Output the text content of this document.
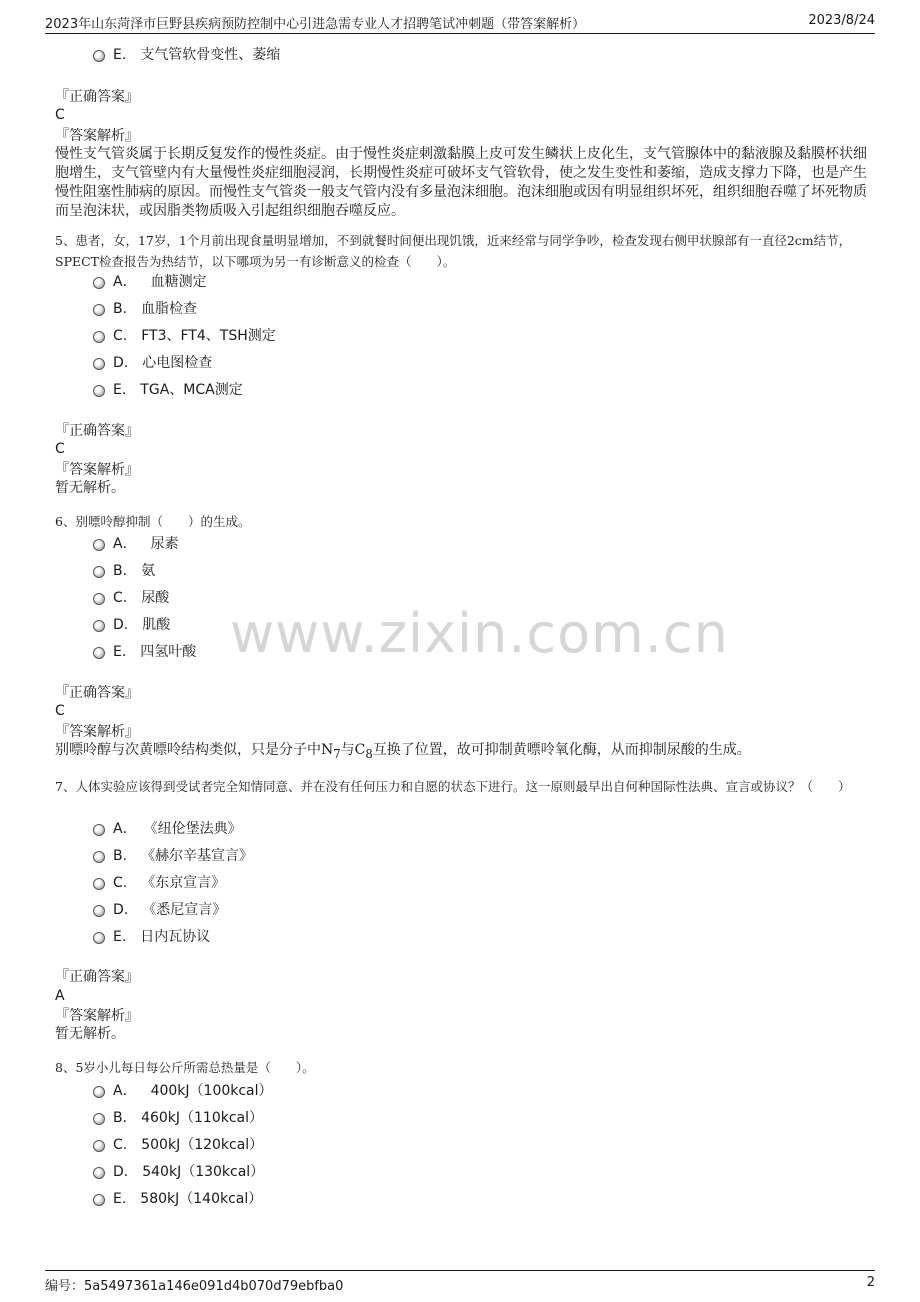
2023年山东菏泽市巨野县疾病预防控制中心引进急需专业人才招聘笔试冲刺题（带答案解析）	2023/8/24
www.zixin.com.cn
E. 支气管软骨变性、萎缩
『正确答案』
C
『答案解析』
慢性支气管炎属于长期反复发作的慢性炎症。由于慢性炎症刺激黏膜上皮可发生鳞状上皮化生，支气管腺体中的黏液腺及黏膜杯状细胞增生，支气管壁内有大量慢性炎症细胞浸润，长期慢性炎症可破坏支气管软骨，使之发生变性和萎缩，造成支撑力下降，也是产生慢性阻塞性肺病的原因。而慢性支气管炎一般支气管内没有多量泡沫细胞。泡沫细胞或因有明显组织坏死，组织细胞吞噬了坏死物质而呈泡沫状，或因脂类物质吸入引起组织细胞吞噬反应。
5、患者，女，17岁，1个月前出现食量明显增加，不到就餐时间便出现饥饿，近来经常与同学争吵，检查发现右侧甲状腺部有一直径2cm结节，SPECT检查报告为热结节，以下哪项为另一有诊断意义的检查（　　）。
A． 血糖测定
B. 血脂检查
C. FT3、FT4、TSH测定
D. 心电图检查
E. TGA、MCA测定
『正确答案』
C
『答案解析』
暂无解析。
6、别嘌呤醇抑制（　　）的生成。
A． 尿素
B. 氨
C. 尿酸
D. 肌酸
E. 四氢叶酸
『正确答案』
C
『答案解析』
别嘌呤醇与次黄嘌呤结构类似，只是分子中$N_7$与$C_8$互换了位置，故可抑制黄嘌呤氧化酶，从而抑制尿酸的生成。
7、人体实验应该得到受试者完全知情同意、并在没有任何压力和自愿的状态下进行。这一原则最早出自何种国际性法典、宣言或协议？（　　）
A． 《纽伦堡法典》
B. 《赫尔辛基宣言》
C. 《东京宣言》
D. 《悉尼宣言》
E. 日内瓦协议
『正确答案』
A
『答案解析』
暂无解析。
8、5岁小儿每日每公斤所需总热量是（　　）。
A． 400kJ（100kcal）
B. 460kJ（110kcal）
C. 500kJ（120kcal）
D. 540kJ（130kcal）
E. 580kJ（140kcal）
编号：5a5497361a146e091d4b070d79ebfba0	2
